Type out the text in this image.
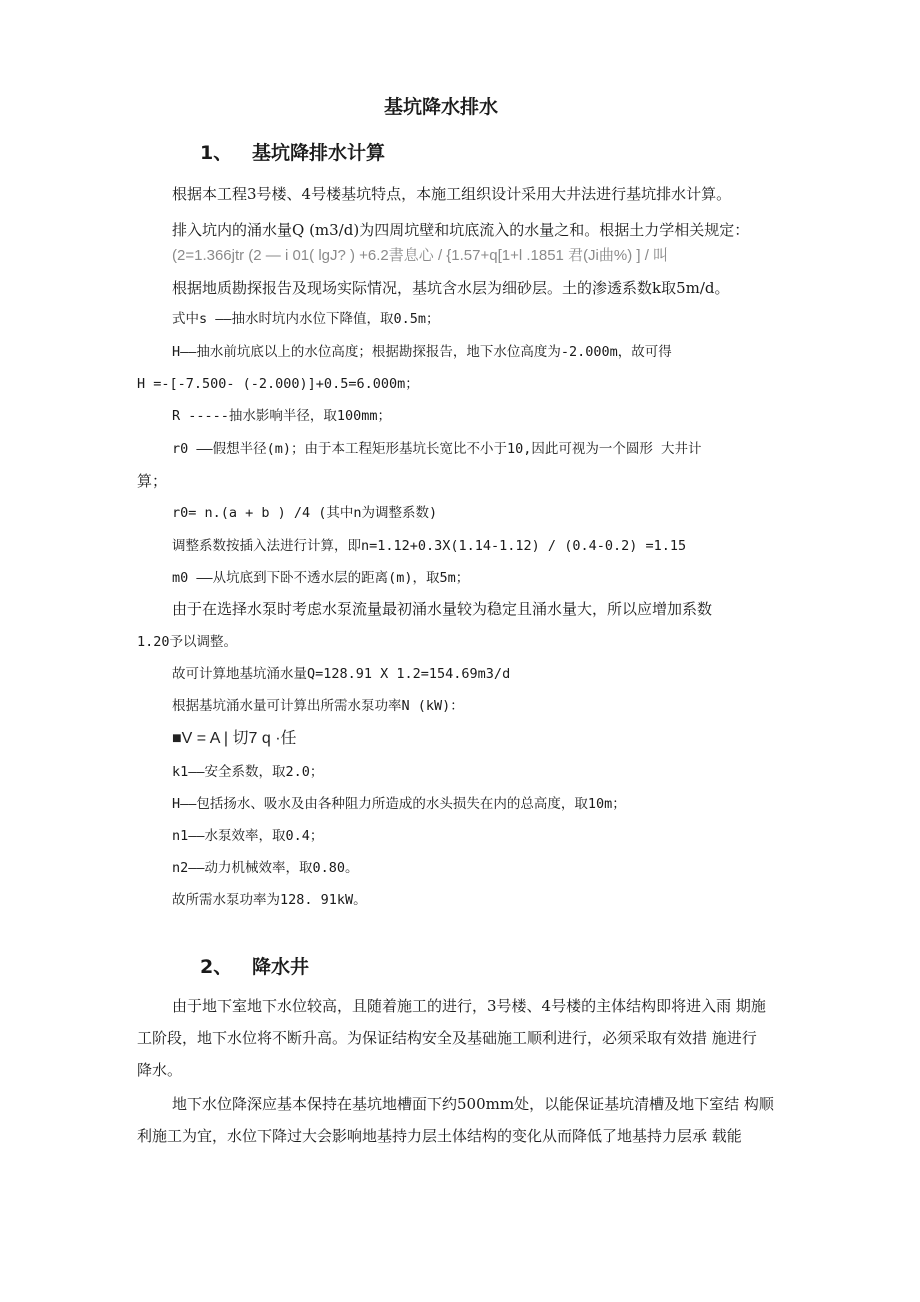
基坑降水排水
1、 基坑降排水计算
根据本工程3号楼、4号楼基坑特点，本施工组织设计采用大井法进行基坑排水计算。
排入坑内的涌水量Q (m3/d)为四周坑壁和坑底流入的水量之和。根据土力学相关规定：
(2=1.366jtr (2 — i 01( lgJ? ) +6.2書息心 / {1.57+q[1+l .1851 君(Ji曲%) ] / 叫
根据地质勘探报告及现场实际情况，基坑含水层为细砂层。土的渗透系数k取5m/d。
式中s ——抽水时坑内水位下降值，取0.5m；
H——抽水前坑底以上的水位高度；根据勘探报告，地下水位高度为-2.000m，故可得
H =-[-7.500- (-2.000)]+0.5=6.000m；
R -----抽水影响半径，取100mm；
r0 ——假想半径(m)；由于本工程矩形基坑长宽比不小于10,因此可视为一个圆形 大井计
算；
r0= n.(a + b ) /4 (其中n为调整系数)
调整系数按插入法进行计算，即n=1.12+0.3X(1.14-1.12) / (0.4-0.2) =1.15
m0 ——从坑底到下卧不透水层的距离(m)，取5m；
由于在选择水泵时考虑水泵流量最初涌水量较为稳定且涌水量大，所以应增加系数
1.20予以调整。
故可计算地基坑涌水量Q=128.91 X 1.2=154.69m3/d
根据基坑涌水量可计算出所需水泵功率N (kW)：
■V = A | 切7 q ·任
k1——安全系数，取2.0；
H——包括扬水、吸水及由各种阻力所造成的水头损失在内的总高度，取10m；
n1——水泵效率，取0.4；
n2——动力机械效率，取0.80。
故所需水泵功率为128. 91kW。
2、 降水井
由于地下室地下水位较高，且随着施工的进行，3号楼、4号楼的主体结构即将进入雨 期施
工阶段，地下水位将不断升高。为保证结构安全及基础施工顺利进行，必须采取有效措 施进行
降水。
地下水位降深应基本保持在基坑地槽面下约500mm处，以能保证基坑清槽及地下室结 构顺
利施工为宜，水位下降过大会影响地基持力层土体结构的变化从而降低了地基持力层承 载能
